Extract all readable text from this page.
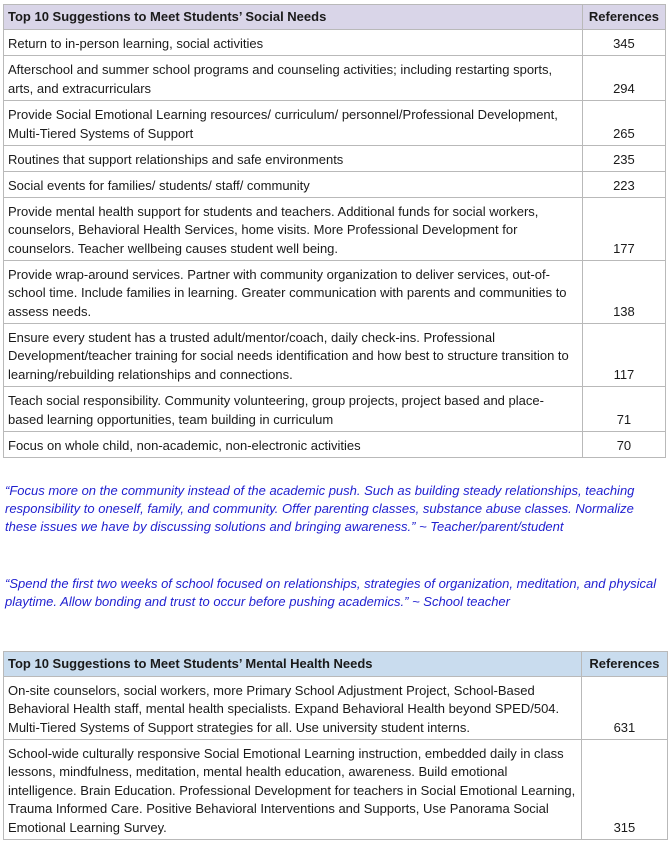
Top 10 Suggestions to Meet Students’ Social Needs	References
Return to in-person learning, social activities	345
Afterschool and summer school programs and counseling activities; including restarting sports, arts, and extracurriculars	294
Provide Social Emotional Learning resources/ curriculum/ personnel/Professional Development, Multi-Tiered Systems of Support	265
Routines that support relationships and safe environments	235
Social events for families/ students/ staff/ community	223
Provide mental health support for students and teachers. Additional funds for social workers, counselors, Behavioral Health Services, home visits. More Professional Development for counselors. Teacher wellbeing causes student well being.	177
Provide wrap-around services. Partner with community organization to deliver services, out-of-school time. Include families in learning. Greater communication with parents and communities to assess needs.	138
Ensure every student has a trusted adult/mentor/coach, daily check-ins. Professional Development/teacher training for social needs identification and how best to structure transition to learning/rebuilding relationships and connections.	117
Teach social responsibility. Community volunteering, group projects, project based and place-based learning opportunities, team building in curriculum	71
Focus on whole child, non-academic, non-electronic activities	70

“Focus more on the community instead of the academic push. Such as building steady relationships, teaching responsibility to oneself, family, and community. Offer parenting classes, substance abuse classes. Normalize these issues we have by discussing solutions and bringing awareness.” ~ Teacher/parent/student

“Spend the first two weeks of school focused on relationships, strategies of organization, meditation, and physical playtime. Allow bonding and trust to occur before pushing academics.” ~ School teacher

Top 10 Suggestions to Meet Students’ Mental Health Needs	References
On-site counselors, social workers, more Primary School Adjustment Project, School-Based Behavioral Health staff, mental health specialists. Expand Behavioral Health beyond SPED/504. Multi-Tiered Systems of Support strategies for all. Use university student interns.	631
School-wide culturally responsive Social Emotional Learning instruction, embedded daily in class lessons, mindfulness, meditation, mental health education, awareness. Build emotional intelligence. Brain Education. Professional Development for teachers in Social Emotional Learning, Trauma Informed Care. Positive Behavioral Interventions and Supports, Use Panorama Social Emotional Learning Survey.	315
